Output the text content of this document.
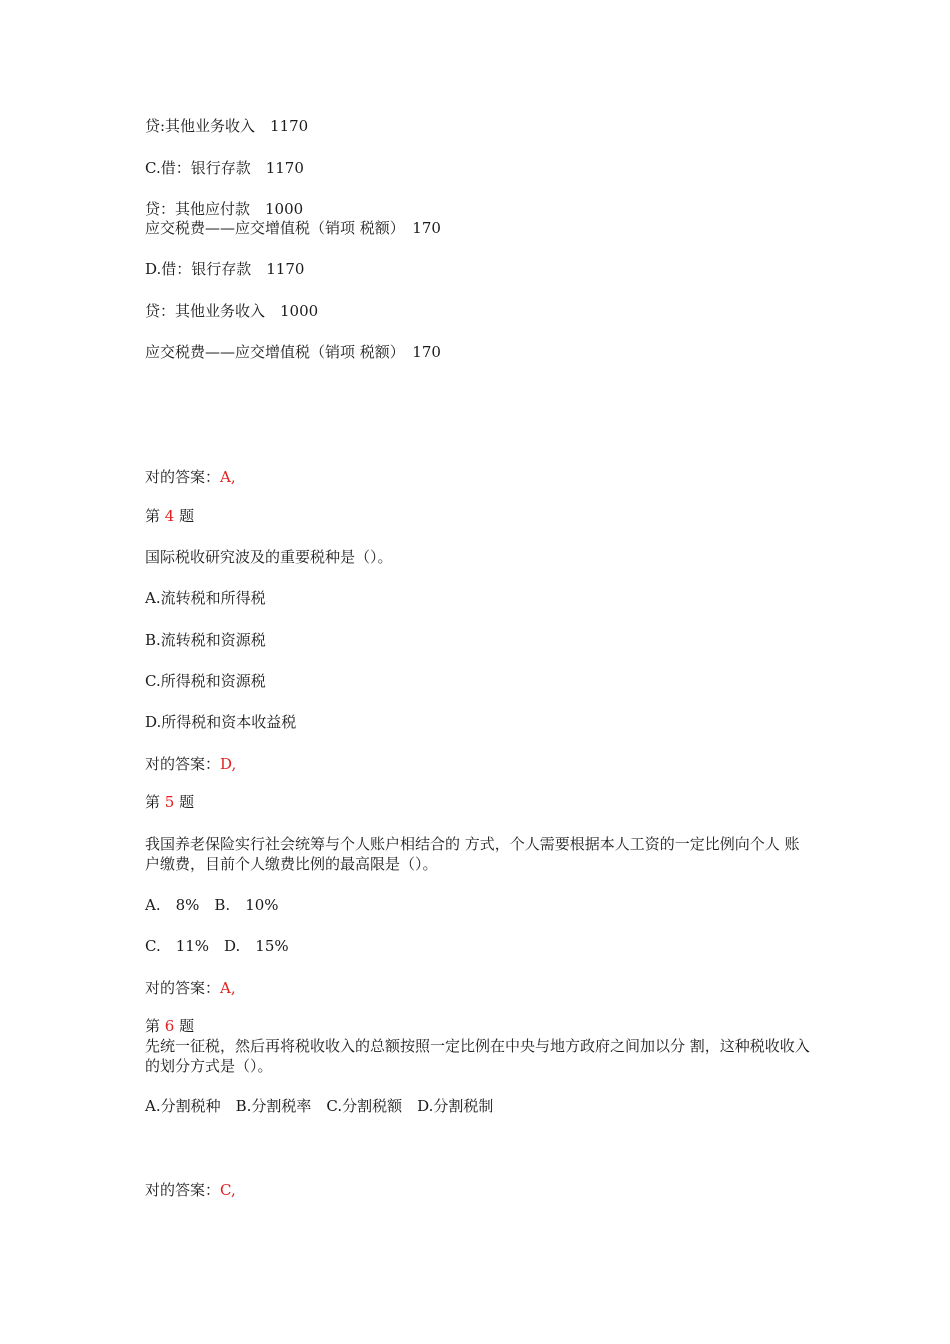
贷:其他业务收入　1170
C.借：银行存款　1170
贷：其他应付款　1000
应交税费——应交增值税（销项 税额）　170
D.借：银行存款　1170
贷：其他业务收入　1000
应交税费——应交增值税（销项 税额）　170
对的答案：A,
第 4 题
国际税收研究波及的重要税种是（）。
A.流转税和所得税
B.流转税和资源税
C.所得税和资源税
D.所得税和资本收益税
对的答案：D,
第 5 题
我国养老保险实行社会统筹与个人账户相结合的 方式，个人需要根据本人工资的一定比例向个人 账户缴费，目前个人缴费比例的最高限是（）。
A.　8%　B.　10%
C.　11%　D.　15%
对的答案：A,
第 6 题
先统一征税，然后再将税收收入的总额按照一定比例在中央与地方政府之间加以分 割，这种税收收入的划分方式是（）。
A.分割税种　B.分割税率　C.分割税额　D.分割税制
对的答案：C,
